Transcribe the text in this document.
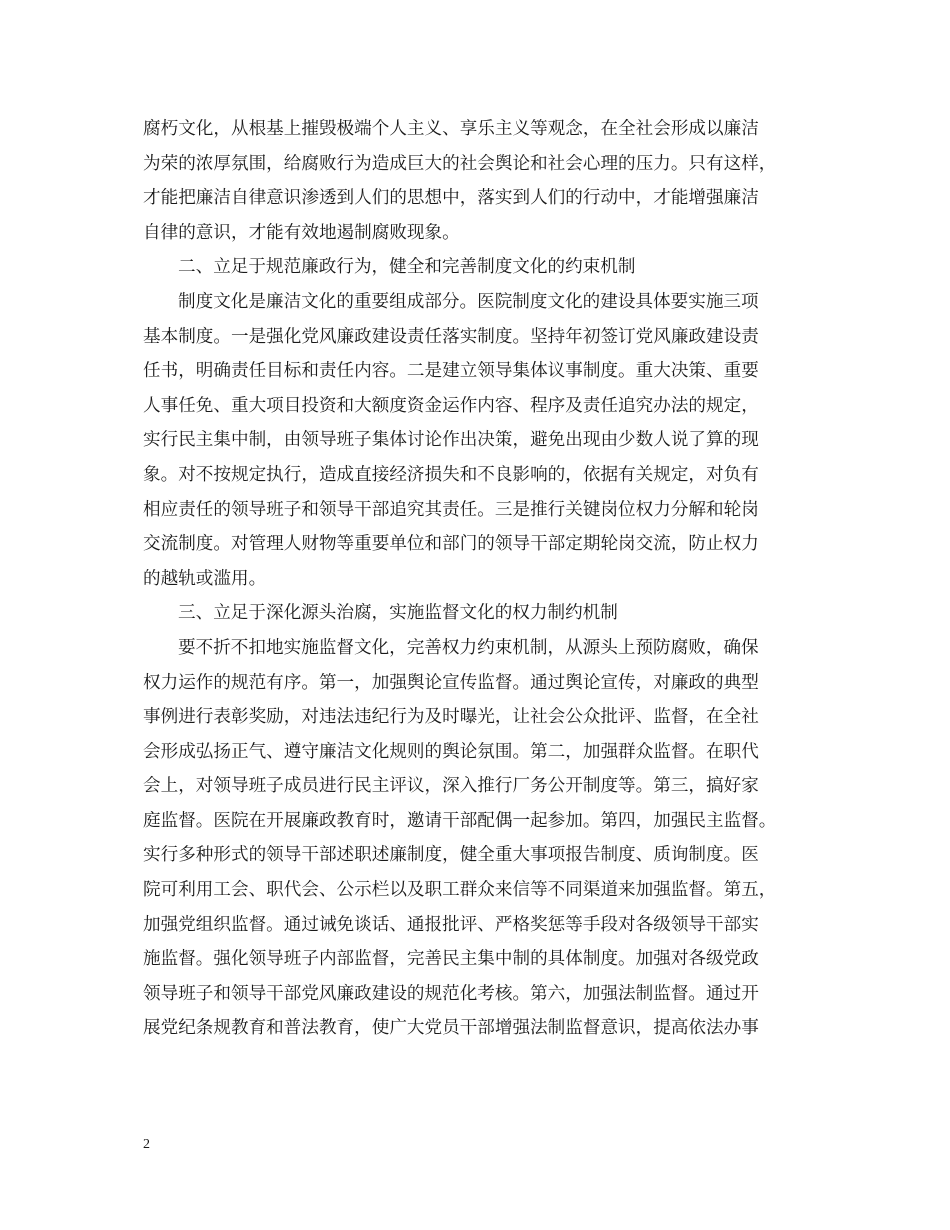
腐朽文化，从根基上摧毁极端个人主义、享乐主义等观念，在全社会形成以廉洁
为荣的浓厚氛围，给腐败行为造成巨大的社会舆论和社会心理的压力。只有这样，
才能把廉洁自律意识渗透到人们的思想中，落实到人们的行动中，才能增强廉洁
自律的意识，才能有效地遏制腐败现象。
二、立足于规范廉政行为，健全和完善制度文化的约束机制
制度文化是廉洁文化的重要组成部分。医院制度文化的建设具体要实施三项
基本制度。一是强化党风廉政建设责任落实制度。坚持年初签订党风廉政建设责
任书，明确责任目标和责任内容。二是建立领导集体议事制度。重大决策、重要
人事任免、重大项目投资和大额度资金运作内容、程序及责任追究办法的规定，
实行民主集中制，由领导班子集体讨论作出决策，避免出现由少数人说了算的现
象。对不按规定执行，造成直接经济损失和不良影响的，依据有关规定，对负有
相应责任的领导班子和领导干部追究其责任。三是推行关键岗位权力分解和轮岗
交流制度。对管理人财物等重要单位和部门的领导干部定期轮岗交流，防止权力
的越轨或滥用。
三、立足于深化源头治腐，实施监督文化的权力制约机制
要不折不扣地实施监督文化，完善权力约束机制，从源头上预防腐败，确保
权力运作的规范有序。第一，加强舆论宣传监督。通过舆论宣传，对廉政的典型
事例进行表彰奖励，对违法违纪行为及时曝光，让社会公众批评、监督，在全社
会形成弘扬正气、遵守廉洁文化规则的舆论氛围。第二，加强群众监督。在职代
会上，对领导班子成员进行民主评议，深入推行厂务公开制度等。第三，搞好家
庭监督。医院在开展廉政教育时，邀请干部配偶一起参加。第四，加强民主监督。
实行多种形式的领导干部述职述廉制度，健全重大事项报告制度、质询制度。医
院可利用工会、职代会、公示栏以及职工群众来信等不同渠道来加强监督。第五，
加强党组织监督。通过诫免谈话、通报批评、严格奖惩等手段对各级领导干部实
施监督。强化领导班子内部监督，完善民主集中制的具体制度。加强对各级党政
领导班子和领导干部党风廉政建设的规范化考核。第六，加强法制监督。通过开
展党纪条规教育和普法教育，使广大党员干部增强法制监督意识，提高依法办事
2
